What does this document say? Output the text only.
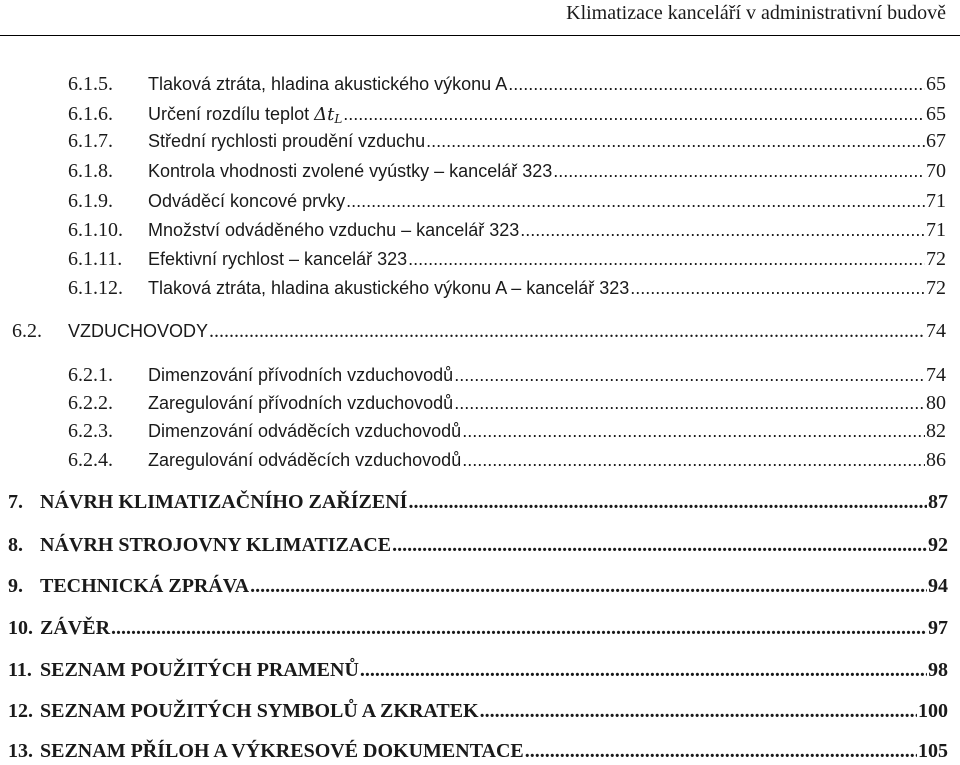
Klimatizace kanceláří v administrativní budově
6.1.5.	Tlaková ztráta, hladina akustického výkonu A .....	65
6.1.6.	Určení rozdílu teplot $\Delta t_L$ .....	65
6.1.7.	Střední rychlosti proudění vzduchu .....	67
6.1.8.	Kontrola vhodnosti zvolené vyústky – kancelář 323 .....	70
6.1.9.	Odváděcí koncové prvky .....	71
6.1.10.	Množství odváděného vzduchu – kancelář 323 .....	71
6.1.11.	Efektivní rychlost – kancelář 323 .....	72
6.1.12.	Tlaková ztráta, hladina akustického výkonu A – kancelář 323 .....	72
6.2.	VZDUCHOVODY .....	74
6.2.1.	Dimenzování přívodních vzduchovodů .....	74
6.2.2.	Zaregulování přívodních vzduchovodů .....	80
6.2.3.	Dimenzování odváděcích vzduchovodů .....	82
6.2.4.	Zaregulování odváděcích vzduchovodů .....	86
7. NÁVRH KLIMATIZAČNÍHO ZAŘÍZENÍ .....	87
8. NÁVRH STROJOVNY KLIMATIZACE .....	92
9. TECHNICKÁ ZPRÁVA .....	94
10. ZÁVĚR .....	97
11. SEZNAM POUŽITÝCH PRAMENŮ .....	98
12. SEZNAM POUŽITÝCH SYMBOLŮ A ZKRATEK .....	100
13. SEZNAM PŘÍLOH A VÝKRESOVÉ DOKUMENTACE .....	105
